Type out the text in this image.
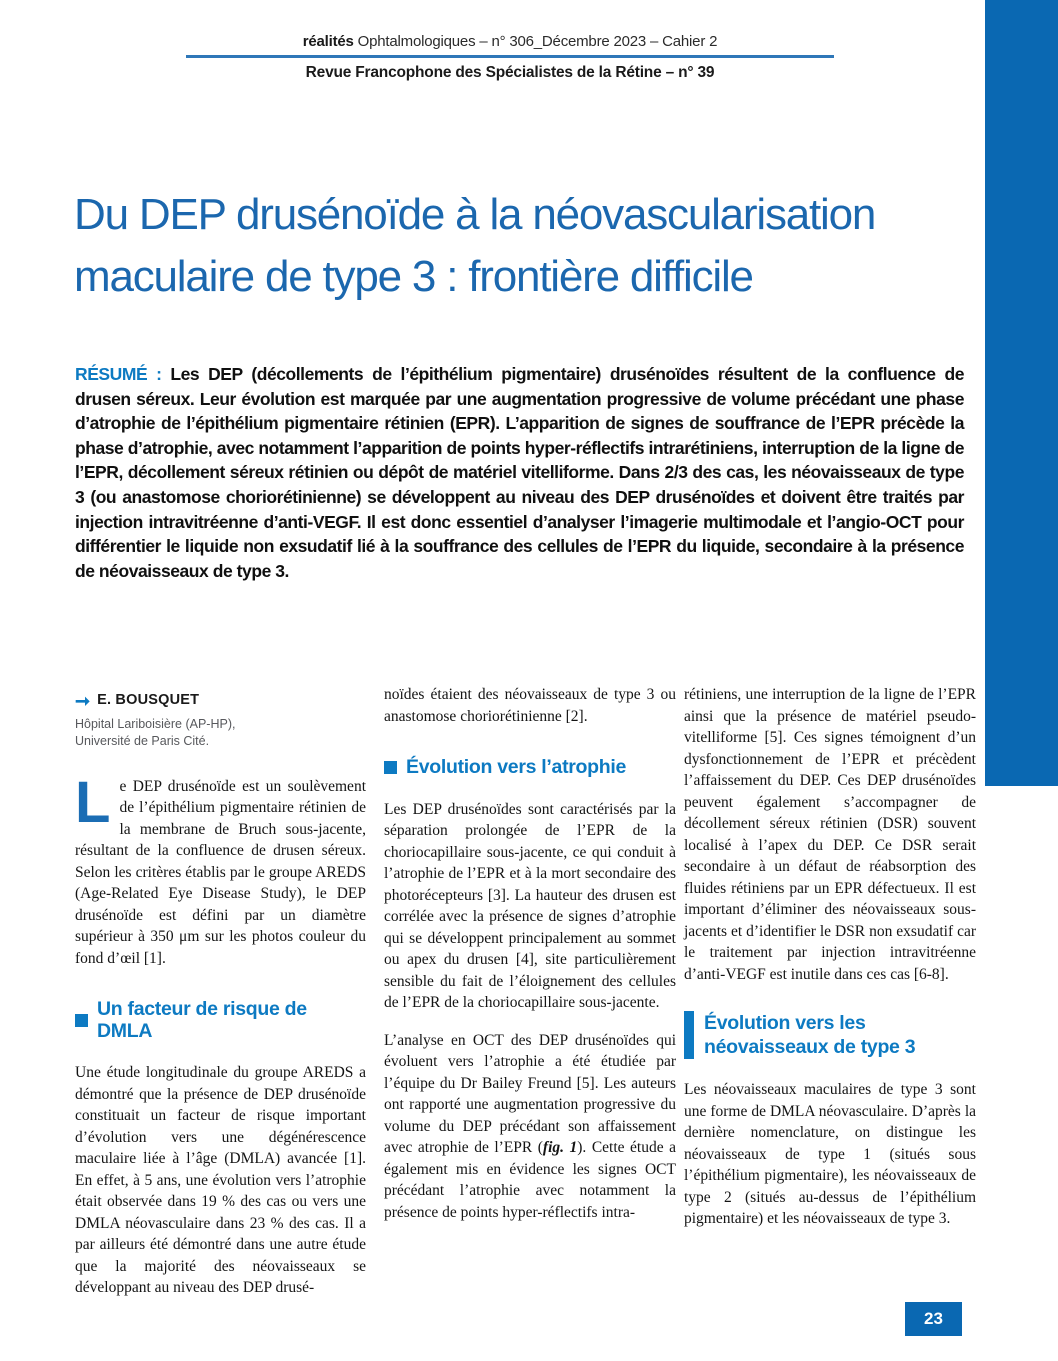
réalités Ophtalmologiques – n° 306_Décembre 2023 – Cahier 2
Revue Francophone des Spécialistes de la Rétine – n° 39
Du DEP drusénoïde à la néovascularisation
maculaire de type 3 : frontière difficile

RÉSUMÉ : Les DEP (décollements de l’épithélium pigmentaire) drusénoïdes résultent de la confluence de drusen séreux. Leur évolution est marquée par une augmentation progressive de volume précédant une phase d’atrophie de l’épithélium pigmentaire rétinien (EPR). L’apparition de signes de souffrance de l’EPR précède la phase d’atrophie, avec notamment l’apparition de points hyper-réflectifs intrarétiniens, interruption de la ligne de l’EPR, décollement séreux rétinien ou dépôt de matériel vitelliforme. Dans 2/3 des cas, les néovaisseaux de type 3 (ou anastomose choriorétinienne) se développent au niveau des DEP drusénoïdes et doivent être traités par injection intravitréenne d’anti-VEGF. Il est donc essentiel d’analyser l’imagerie multimodale et l’angio-OCT pour différentier le liquide non exsudatif lié à la souffrance des cellules de l’EPR du liquide, secondaire à la présence de néovaisseaux de type 3.

➞ E. BOUSQUET
Hôpital Lariboisière (AP-HP),
Université de Paris Cité.

Le DEP drusénoïde est un soulèvement de l’épithélium pigmentaire rétinien de la membrane de Bruch sous-jacente, résultant de la confluence de drusen séreux. Selon les critères établis par le groupe AREDS (Age-Related Eye Disease Study), le DEP drusénoïde est défini par un diamètre supérieur à 350 μm sur les photos couleur du fond d’œil [1].

Un facteur de risque de DMLA

Une étude longitudinale du groupe AREDS a démontré que la présence de DEP drusénoïde constituait un facteur de risque important d’évolution vers une dégénérescence maculaire liée à l’âge (DMLA) avancée [1]. En effet, à 5 ans, une évolution vers l’atrophie était observée dans 19 % des cas ou vers une DMLA néovasculaire dans 23 % des cas. Il a par ailleurs été démontré dans une autre étude que la majorité des néovaisseaux se développant au niveau des DEP drusé-

noïdes étaient des néovaisseaux de type 3 ou anastomose choriorétinienne [2].

Évolution vers l’atrophie

Les DEP drusénoïdes sont caractérisés par la séparation prolongée de l’EPR de la choriocapillaire sous-jacente, ce qui conduit à l’atrophie de l’EPR et à la mort secondaire des photorécepteurs [3]. La hauteur des drusen est corrélée avec la présence de signes d’atrophie qui se développent principalement au sommet ou apex du drusen [4], site particulièrement sensible du fait de l’éloignement des cellules de l’EPR de la choriocapillaire sous-jacente.

L’analyse en OCT des DEP drusénoïdes qui évoluent vers l’atrophie a été étudiée par l’équipe du Dr Bailey Freund [5]. Les auteurs ont rapporté une augmentation progressive du volume du DEP précédant son affaissement avec atrophie de l’EPR (fig. 1). Cette étude a également mis en évidence les signes OCT précédant l’atrophie avec notamment la présence de points hyper-réflectifs intra-

rétiniens, une interruption de la ligne de l’EPR ainsi que la présence de matériel pseudo-vitelliforme [5]. Ces signes témoignent d’un dysfonctionnement de l’EPR et précèdent l’affaissement du DEP. Ces DEP drusénoïdes peuvent également s’accompagner de décollement séreux rétinien (DSR) souvent localisé à l’apex du DEP. Ce DSR serait secondaire à un défaut de réabsorption des fluides rétiniens par un EPR défectueux. Il est important d’éliminer des néovaisseaux sous-jacents et d’identifier le DSR non exsudatif car le traitement par injection intravitréenne d’anti-VEGF est inutile dans ces cas [6-8].

Évolution vers les
néovaisseaux de type 3

Les néovaisseaux maculaires de type 3 sont une forme de DMLA néovasculaire. D’après la dernière nomenclature, on distingue les néovaisseaux de type 1 (situés sous l’épithélium pigmentaire), les néovaisseaux de type 2 (situés au-dessus de l’épithélium pigmentaire) et les néovaisseaux de type 3.

23
